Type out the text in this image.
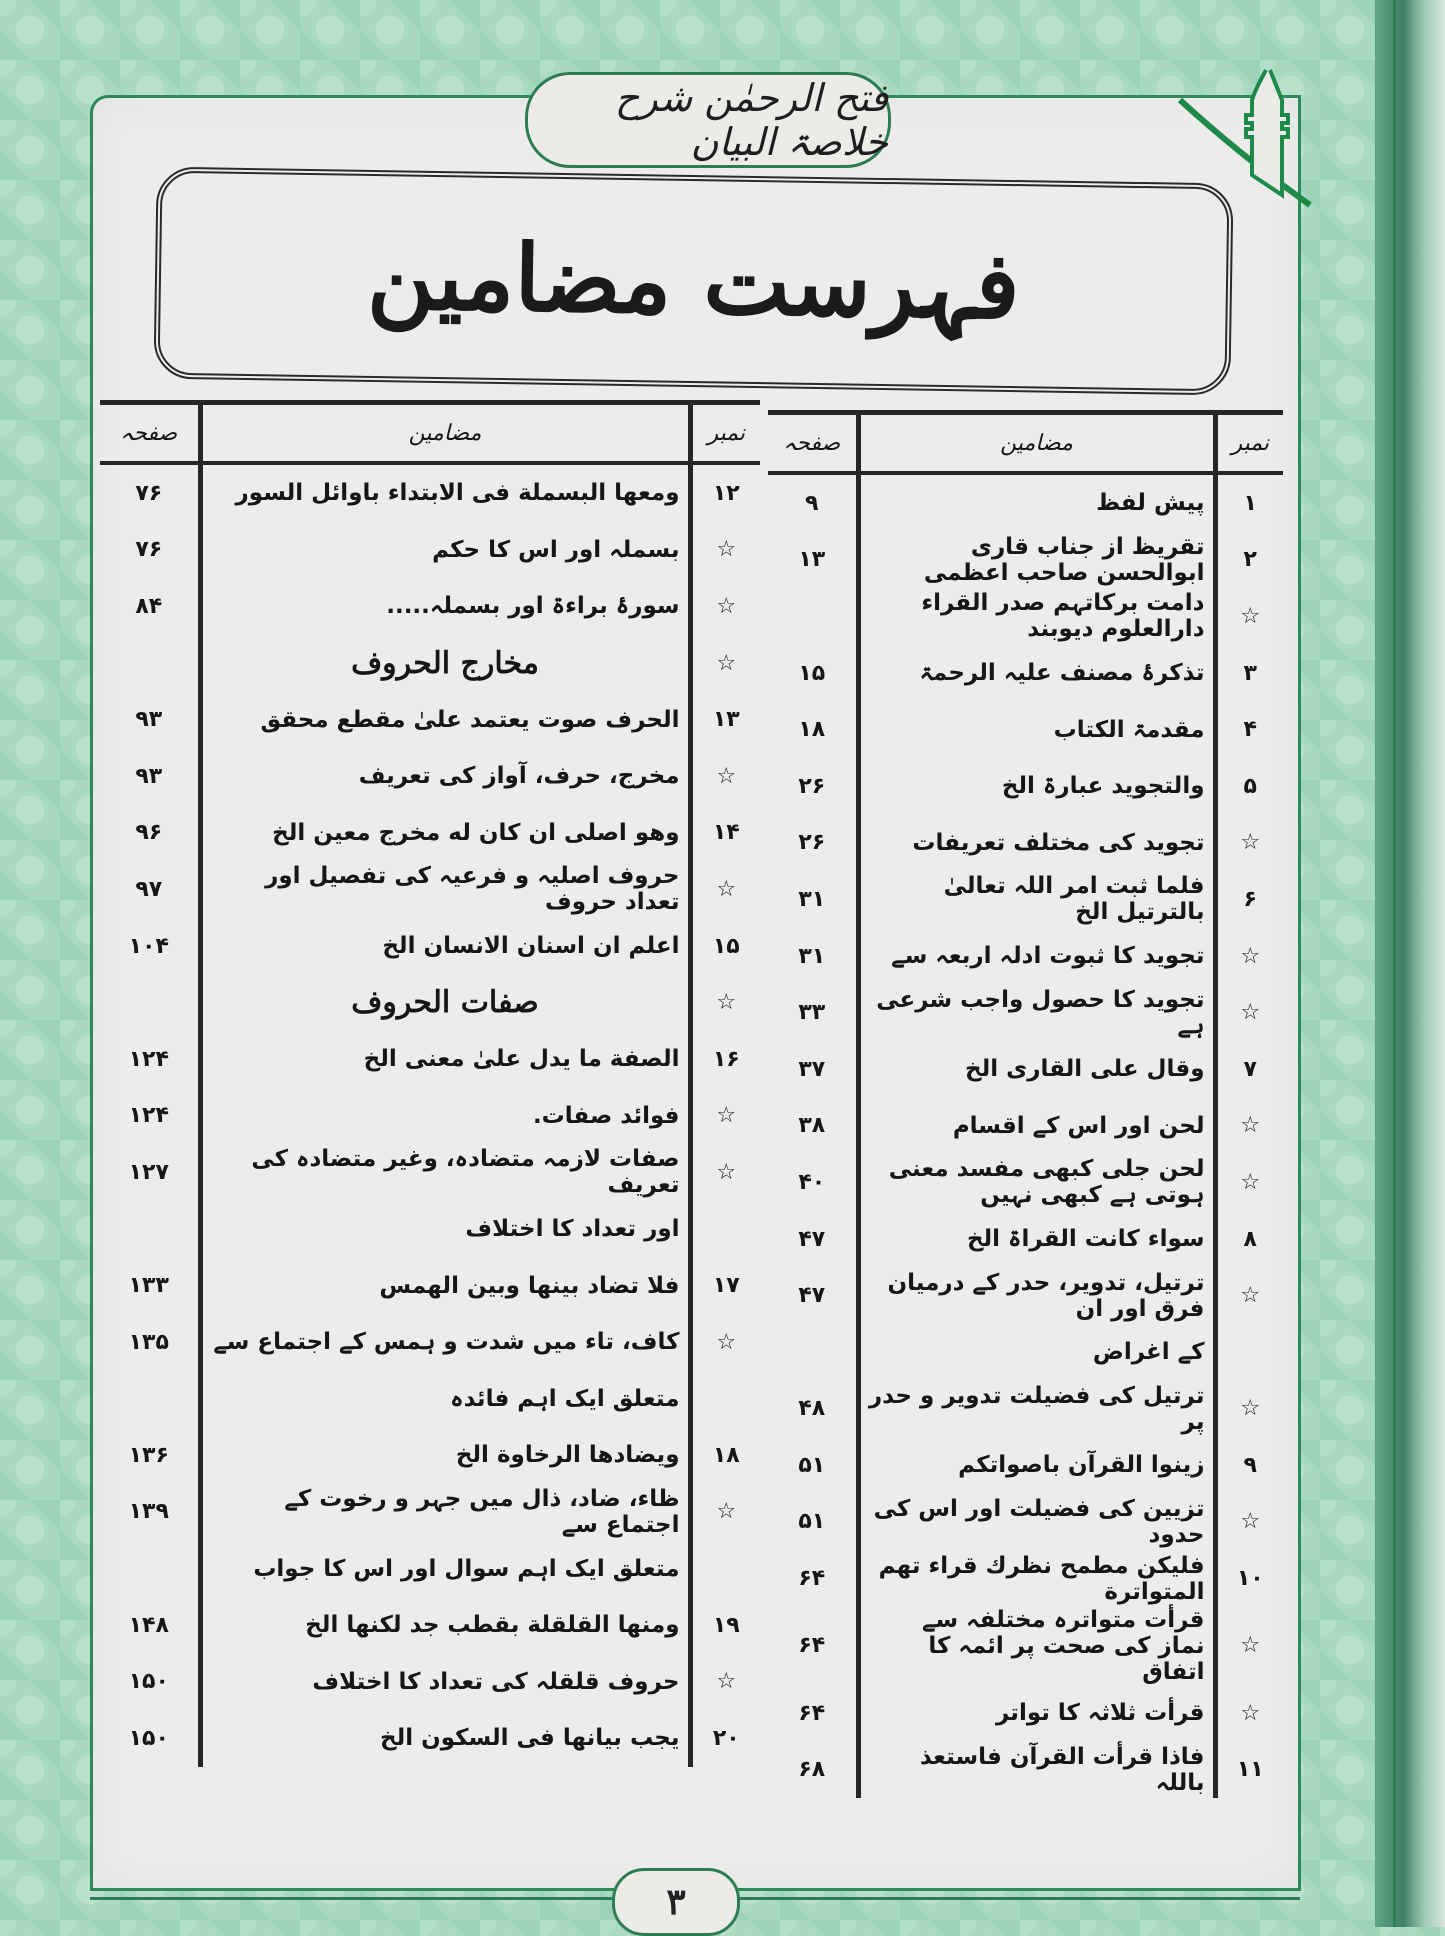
فتح الرحمٰن شرح خلاصۃ البیان
فہرست مضامین
نمبر	مضامین	صفحہ
۱	پیش لفظ	۹
۲	تقریظ از جناب قاری ابوالحسن صاحب اعظمی	۱۳
☆	دامت برکاتہم صدر القراء دارالعلوم دیوبند	
۳	تذکرۂ مصنف علیہ الرحمۃ	۱۵
۴	مقدمۃ الکتاب	۱۸
۵	والتجوید عبارۃ الخ	۲۶
☆	تجوید کی مختلف تعریفات	۲۶
۶	فلما ثبت امر اللہ تعالیٰ بالترتیل الخ	۳۱
☆	تجوید کا ثبوت ادلہ اربعہ سے	۳۱
☆	تجوید کا حصول واجب شرعی ہے	۳۳
۷	وقال علی القاری الخ	۳۷
☆	لحن اور اس کے اقسام	۳۸
☆	لحن جلی کبھی مفسد معنی ہوتی ہے کبھی نہیں	۴۰
۸	سواء کانت القراۃ الخ	۴۷
☆	ترتیل، تدویر، حدر کے درمیان فرق اور ان	۴۷
	کے اغراض	
☆	ترتیل کی فضیلت تدویر و حدر پر	۴۸
۹	زینوا القرآن باصواتکم	۵۱
☆	تزیین کی فضیلت اور اس کی حدود	۵۱
۱۰	فلیکن مطمح نظرك قراء تهم المتواترة	۶۴
☆	قرأت متواترہ مختلفہ سے نماز کی صحت پر ائمہ کا اتفاق	۶۴
☆	قرأت ثلاثہ کا تواتر	۶۴
۱۱	فاذا قرأت القرآن فاستعذ باللہ	۶۸
نمبر	مضامین	صفحہ
۱۲	ومعها البسملة فی الابتداء باوائل السور	۷۶
☆	بسملہ اور اس کا حکم	۷۶
☆	سورۂ براءۃ اور بسملہ.....	۸۴
☆	مخارج الحروف	
۱۳	الحرف صوت یعتمد علیٰ مقطع محقق	۹۳
☆	مخرج، حرف، آواز کی تعریف	۹۳
۱۴	وهو اصلی ان کان له مخرج معین الخ	۹۶
☆	حروف اصلیہ و فرعیہ کی تفصیل اور تعداد حروف	۹۷
۱۵	اعلم ان اسنان الانسان الخ	۱۰۴
☆	صفات الحروف	
۱۶	الصفة ما یدل علیٰ معنی الخ	۱۲۴
☆	فوائد صفات.	۱۲۴
☆	صفات لازمہ متضادہ، وغیر متضادہ کی تعریف	۱۲۷
	اور تعداد کا اختلاف	
۱۷	فلا تضاد بینها وبین الهمس	۱۳۳
☆	کاف، تاء میں شدت و ہمس کے اجتماع سے	۱۳۵
	متعلق ایک اہم فائدہ	
۱۸	ویضادها الرخاوة الخ	۱۳۶
☆	ظاء، ضاد، ذال میں جہر و رخوت کے اجتماع سے	۱۳۹
	متعلق ایک اہم سوال اور اس کا جواب	
۱۹	ومنها القلقلة بقطب جد لکنها الخ	۱۴۸
☆	حروف قلقلہ کی تعداد کا اختلاف	۱۵۰
۲۰	یجب بیانها فی السکون الخ	۱۵۰
۳
